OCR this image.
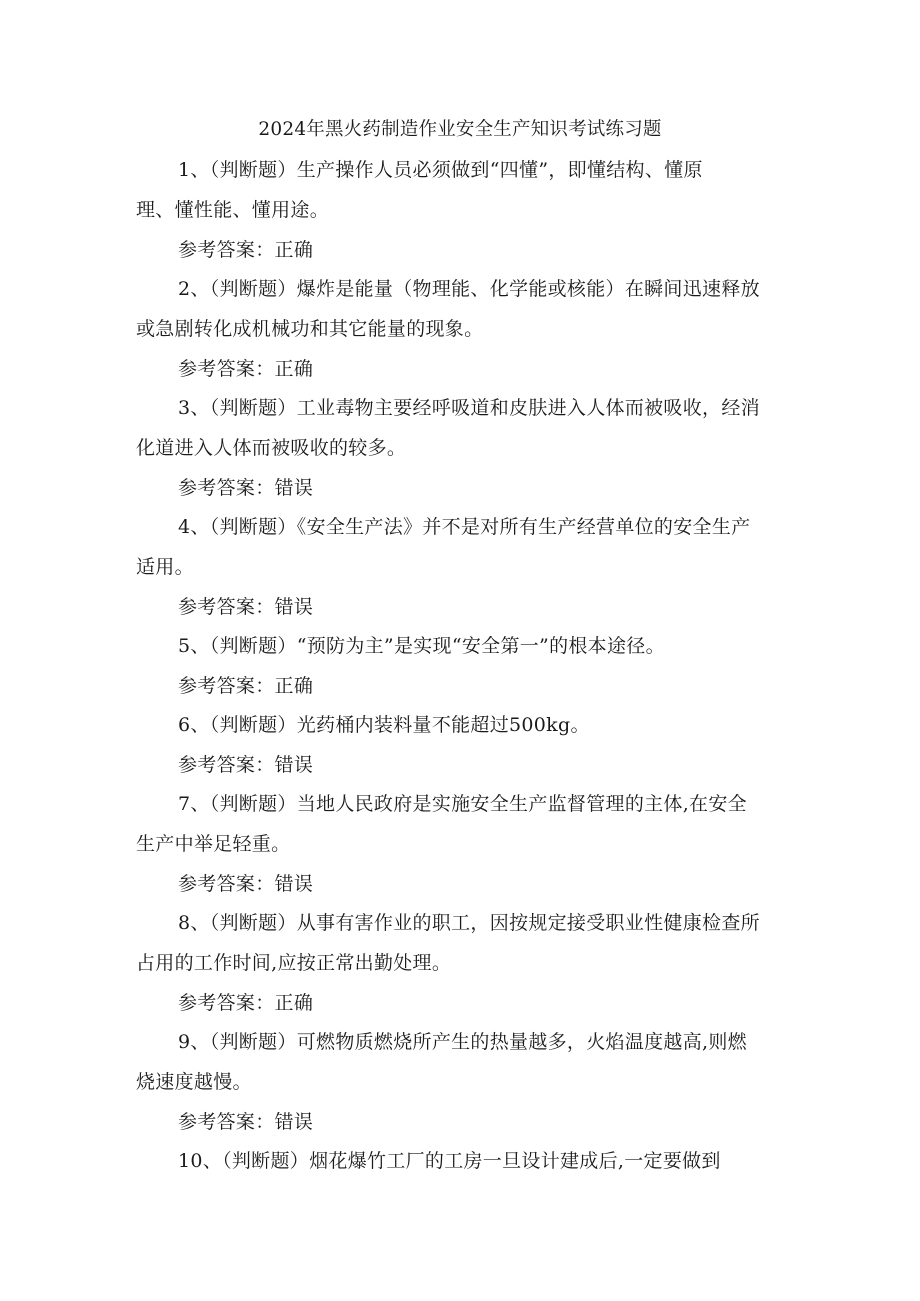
2024年黑火药制造作业安全生产知识考试练习题
1、（判断题）生产操作人员必须做到“四懂”，即懂结构、懂原
理、懂性能、懂用途。
参考答案：正确
2、（判断题）爆炸是能量（物理能、化学能或核能）在瞬间迅速释放
或急剧转化成机械功和其它能量的现象。
参考答案：正确
3、（判断题）工业毒物主要经呼吸道和皮肤进入人体而被吸收，经消
化道进入人体而被吸收的较多。
参考答案：错误
4、（判断题）《安全生产法》并不是对所有生产经营单位的安全生产
适用。
参考答案：错误
5、（判断题）“预防为主”是实现“安全第一”的根本途径。
参考答案：正确
6、（判断题）光药桶内装料量不能超过500kg。
参考答案：错误
7、（判断题）当地人民政府是实施安全生产监督管理的主体,在安全
生产中举足轻重。
参考答案：错误
8、（判断题）从事有害作业的职工，因按规定接受职业性健康检查所
占用的工作时间,应按正常出勤处理。
参考答案：正确
9、（判断题）可燃物质燃烧所产生的热量越多，火焰温度越高,则燃
烧速度越慢。
参考答案：错误
10、（判断题）烟花爆竹工厂的工房一旦设计建成后,一定要做到
